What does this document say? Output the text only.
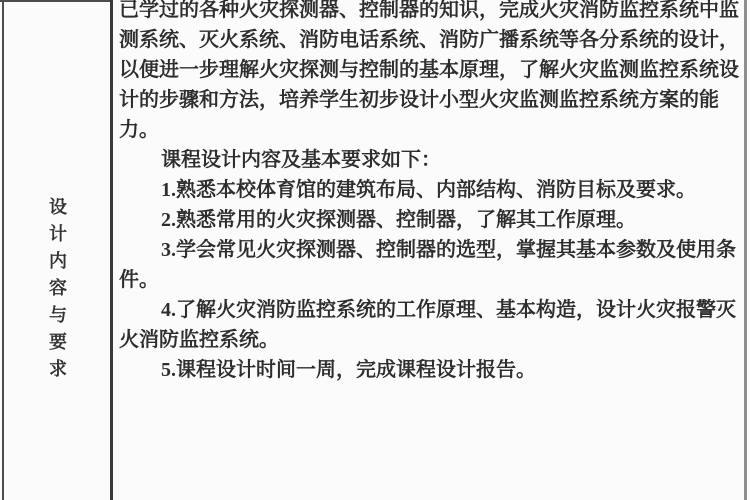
设计内容与要求
已学过的各种火灾探测器、控制器的知识，完成火灾消防监控系统中监
测系统、灭火系统、消防电话系统、消防广播系统等各分系统的设计，
以便进一步理解火灾探测与控制的基本原理，了解火灾监测监控系统设
计的步骤和方法，培养学生初步设计小型火灾监测监控系统方案的能
力。
课程设计内容及基本要求如下：
1.熟悉本校体育馆的建筑布局、内部结构、消防目标及要求。
2.熟悉常用的火灾探测器、控制器，了解其工作原理。
3.学会常见火灾探测器、控制器的选型，掌握其基本参数及使用条
件。
4.了解火灾消防监控系统的工作原理、基本构造，设计火灾报警灭
火消防监控系统。
5.课程设计时间一周，完成课程设计报告。
